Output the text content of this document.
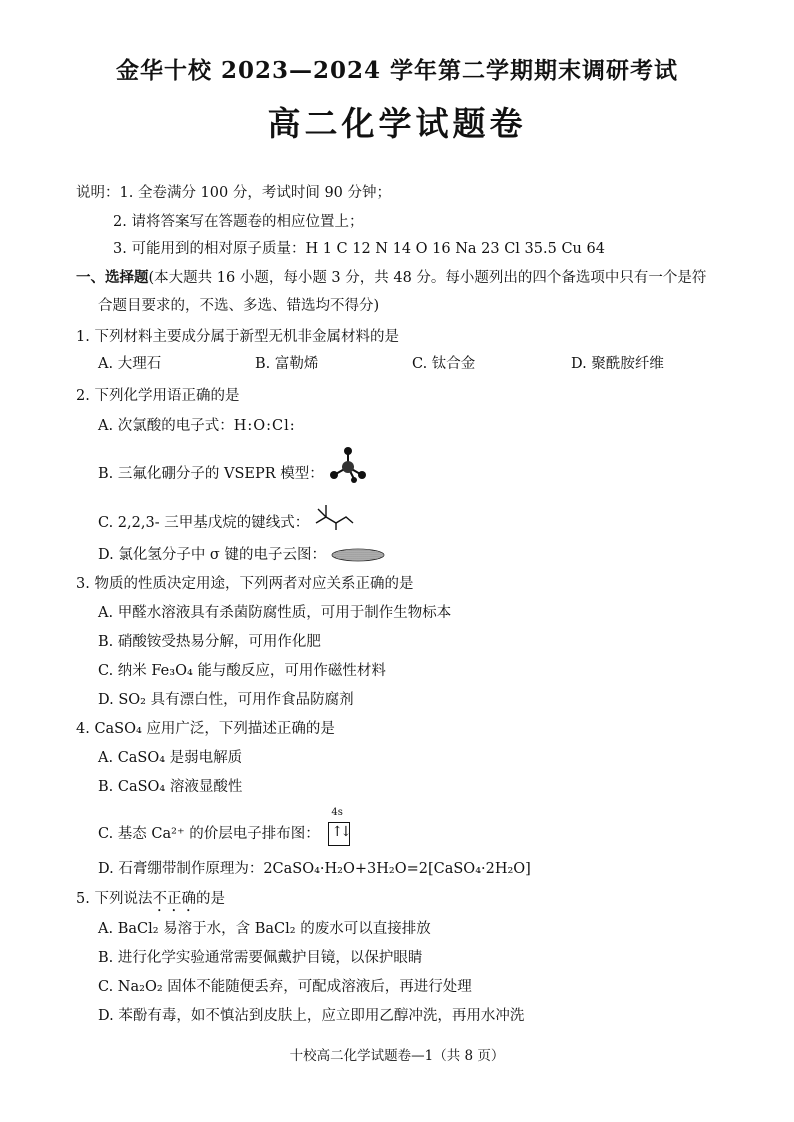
金华十校 2023—2024 学年第二学期期末调研考试
高二化学试题卷
说明：1. 全卷满分 100 分，考试时间 90 分钟；
2. 请将答案写在答题卷的相应位置上；
3. 可能用到的相对原子质量：H 1 C 12 N 14 O 16 Na 23 Cl 35.5 Cu 64
一、选择题(本大题共 16 小题，每小题 3 分，共 48 分。每小题列出的四个备选项中只有一个是符
合题目要求的，不选、多选、错选均不得分)
1. 下列材料主要成分属于新型无机非金属材料的是
A. 大理石	B. 富勒烯	C. 钛合金	D. 聚酰胺纤维
2. 下列化学用语正确的是
A. 次氯酸的电子式：H:O:Cl:
B. 三氟化硼分子的 VSEPR 模型：
C. 2,2,3- 三甲基戊烷的键线式：
D. 氯化氢分子中 σ 键的电子云图：
3. 物质的性质决定用途，下列两者对应关系正确的是
A. 甲醛水溶液具有杀菌防腐性质，可用于制作生物标本
B. 硝酸铵受热易分解，可用作化肥
C. 纳米 Fe₃O₄ 能与酸反应，可用作磁性材料
D. SO₂ 具有漂白性，可用作食品防腐剂
4. CaSO₄ 应用广泛，下列描述正确的是
A. CaSO₄ 是弱电解质
B. CaSO₄ 溶液显酸性
C. 基态 Ca²⁺ 的价层电子排布图：
4s
↑↓
D. 石膏绷带制作原理为：2CaSO₄·H₂O+3H₂O=2[CaSO₄·2H₂O]
5. 下列说法不正确的是
A. BaCl₂ 易溶于水，含 BaCl₂ 的废水可以直接排放
B. 进行化学实验通常需要佩戴护目镜，以保护眼睛
C. Na₂O₂ 固体不能随便丢弃，可配成溶液后，再进行处理
D. 苯酚有毒，如不慎沾到皮肤上，应立即用乙醇冲洗，再用水冲洗
十校高二化学试题卷—1（共 8 页）
